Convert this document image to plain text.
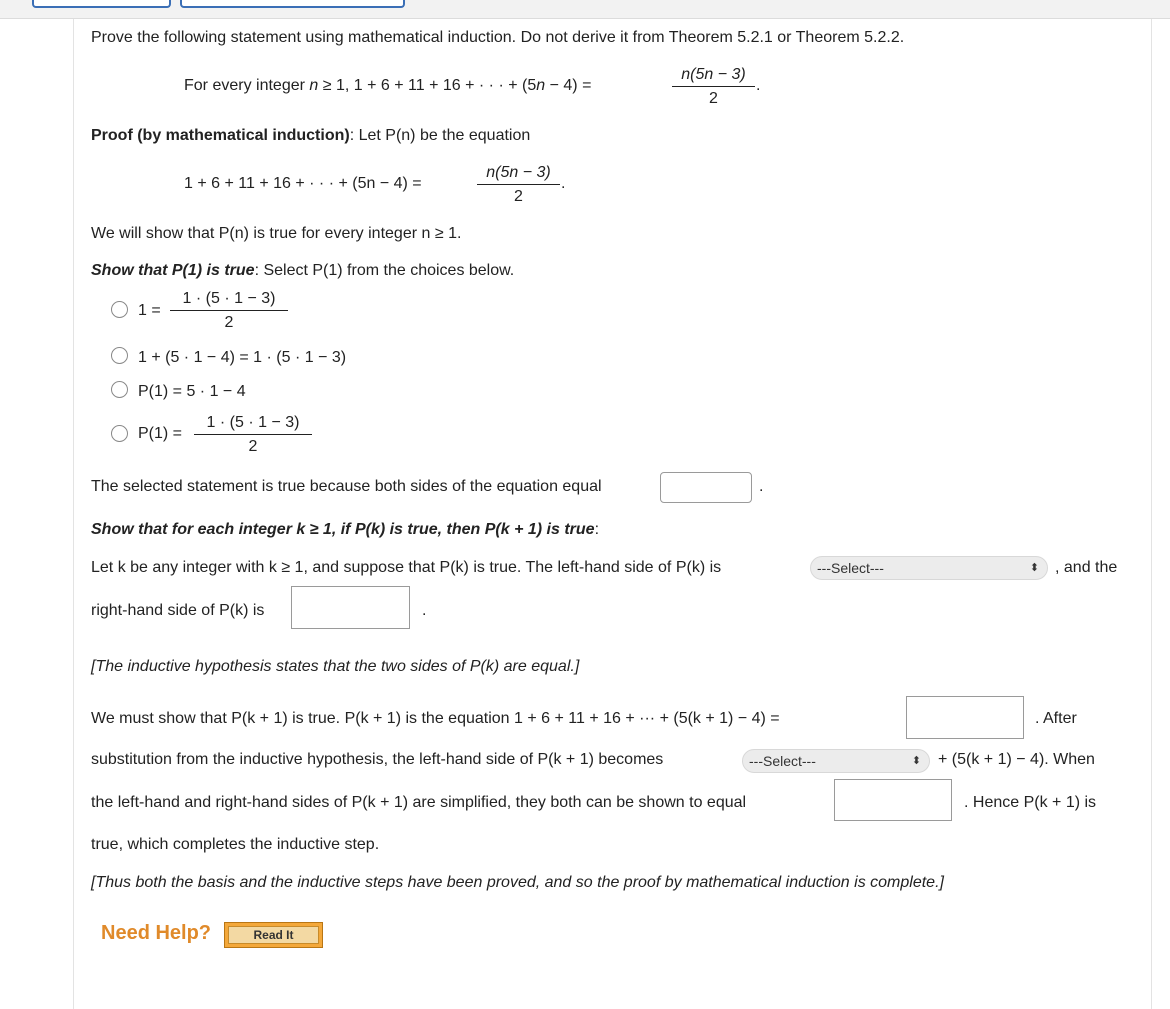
Prove the following statement using mathematical induction. Do not derive it from Theorem 5.2.1 or Theorem 5.2.2.
For every integer n ≥ 1, 1 + 6 + 11 + 16 + · · · + (5n − 4) =	$\frac{n(5n - 3)}{2}$ .
Proof (by mathematical induction): Let P(n) be the equation
1 + 6 + 11 + 16 + · · · + (5n − 4) =	$\frac{n(5n - 3)}{2}$ .
We will show that P(n) is true for every integer n ≥ 1.
Show that P(1) is true: Select P(1) from the choices below.
$1 = \frac{1 \cdot (5 \cdot 1 - 3)}{2}$
1 + (5 · 1 − 4) = 1 · (5 · 1 − 3)
P(1) = 5 · 1 − 4
$P(1) = \frac{1 \cdot (5 \cdot 1 - 3)}{2}$
The selected statement is true because both sides of the equation equal	.
Show that for each integer k ≥ 1, if P(k) is true, then P(k + 1) is true:
Let k be any integer with k ≥ 1, and suppose that P(k) is true. The left-hand side of P(k) is	---Select---	⬍ , and the
right-hand side of P(k) is	.
[The inductive hypothesis states that the two sides of P(k) are equal.]
We must show that P(k + 1) is true. P(k + 1) is the equation 1 + 6 + 11 + 16 + ··· + (5(k + 1) − 4) =	. After
substitution from the inductive hypothesis, the left-hand side of P(k + 1) becomes	---Select---	⬍ + (5(k + 1) − 4). When
the left-hand and right-hand sides of P(k + 1) are simplified, they both can be shown to equal	. Hence P(k + 1) is
true, which completes the inductive step.
[Thus both the basis and the inductive steps have been proved, and so the proof by mathematical induction is complete.]
Need Help?	Read It
